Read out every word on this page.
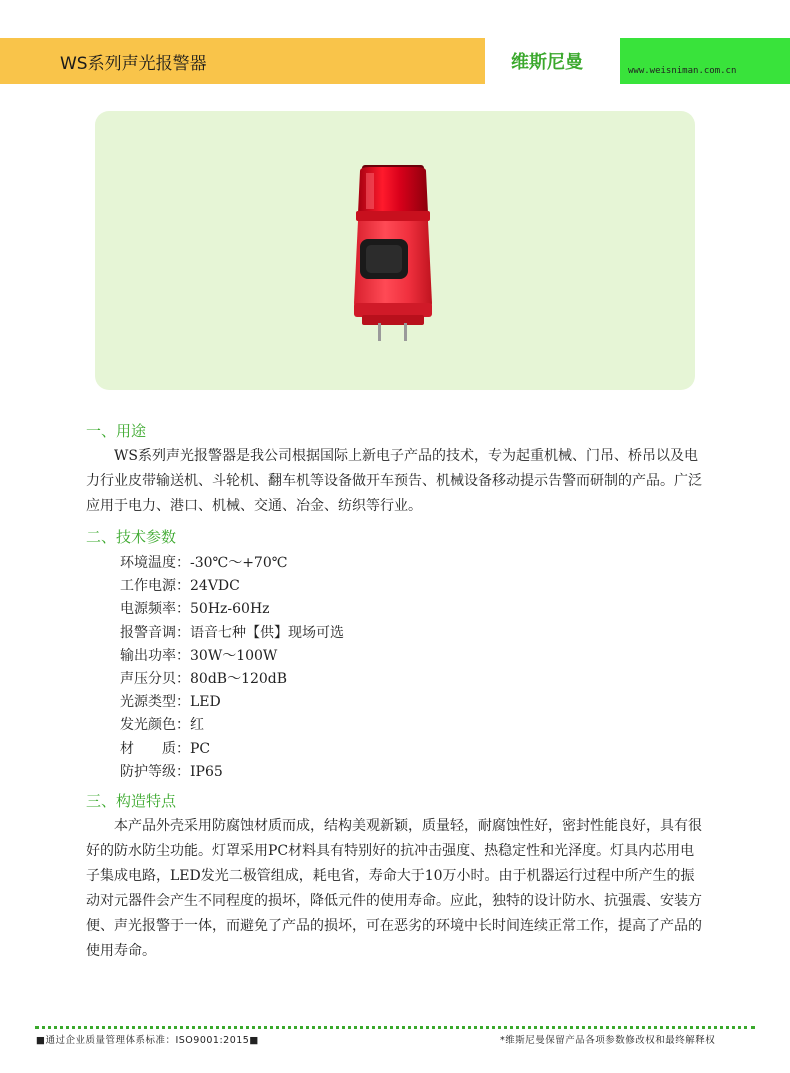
WS系列声光报警器	维斯尼曼	www.weisniman.com.cn
一、用途

WS系列声光报警器是我公司根据国际上新电子产品的技术，专为起重机械、门吊、桥吊以及电力行业皮带输送机、斗轮机、翻车机等设备做开车预告、机械设备移动提示告警而研制的产品。广泛应用于电力、港口、机械、交通、冶金、纺织等行业。

二、技术参数
环境温度：-30℃～+70℃
工作电源：24VDC
电源频率：50Hz-60Hz
报警音调：语音七种【供】现场可选
输出功率：30W～100W
声压分贝：80dB～120dB
光源类型：LED
发光颜色：红
材　　质：PC
防护等级：IP65
三、构造特点

本产品外壳采用防腐蚀材质而成，结构美观新颖，质量轻，耐腐蚀性好，密封性能良好，具有很好的防水防尘功能。灯罩采用PC材料具有特别好的抗冲击强度、热稳定性和光泽度。灯具内芯用电子集成电路，LED发光二极管组成，耗电省，寿命大于10万小时。由于机器运行过程中所产生的振动对元器件会产生不同程度的损坏，降低元件的使用寿命。应此，独特的设计防水、抗强震、安装方便、声光报警于一体，而避免了产品的损坏，可在恶劣的环境中长时间连续正常工作，提高了产品的使用寿命。

■通过企业质量管理体系标准：ISO9001:2015■	*维斯尼曼保留产品各项参数修改权和最终解释权
